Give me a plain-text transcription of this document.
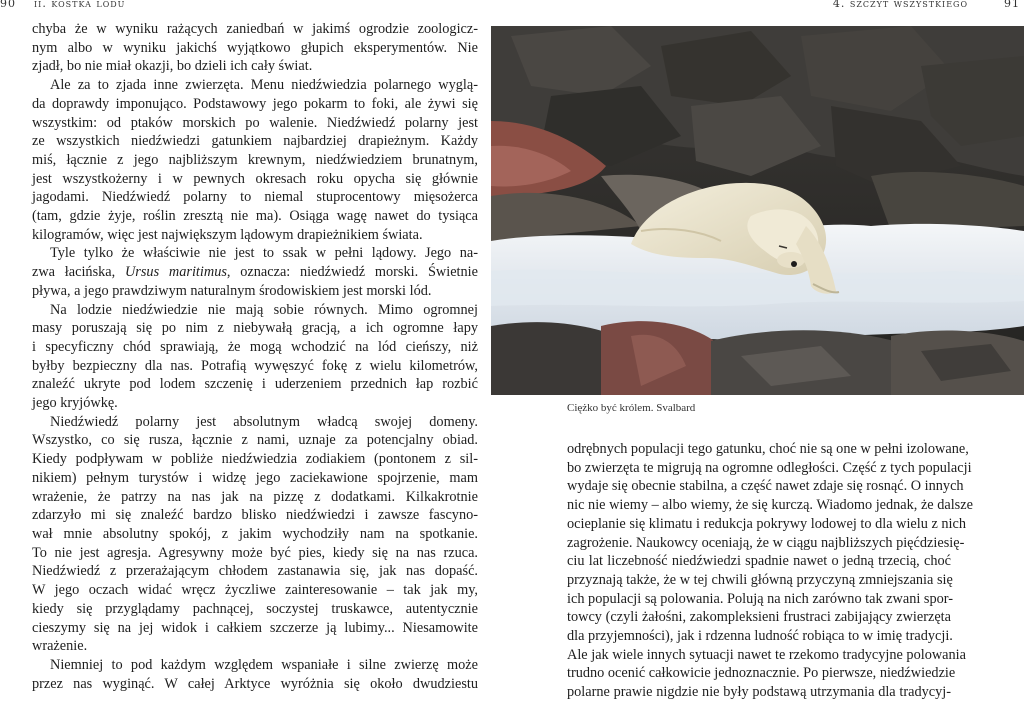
90 ii. kostka lodu
chyba że w wyniku rażących zaniedbań w jakimś ogrodzie zoologicz-
nym albo w wyniku jakichś wyjątkowo głupich eksperymentów. Nie
zjadł, bo nie miał okazji, bo dzieli ich cały świat.
Ale za to zjada inne zwierzęta. Menu niedźwiedzia polarnego wyglą-
da doprawdy imponująco. Podstawowy jego pokarm to foki, ale żywi się
wszystkim: od ptaków morskich po walenie. Niedźwiedź polarny jest
ze wszystkich niedźwiedzi gatunkiem najbardziej drapieżnym. Każdy
miś, łącznie z jego najbliższym krewnym, niedźwiedziem brunatnym,
jest wszystkożerny i w pewnych okresach roku opycha się głównie
jagodami. Niedźwiedź polarny to niemal stuprocentowy mięsożerca
(tam, gdzie żyje, roślin zresztą nie ma). Osiąga wagę nawet do tysiąca
kilogramów, więc jest największym lądowym drapieżnikiem świata.
Tyle tylko że właściwie nie jest to ssak w pełni lądowy. Jego na-
zwa łacińska, Ursus maritimus, oznacza: niedźwiedź morski. Świetnie
pływa, a jego prawdziwym naturalnym środowiskiem jest morski lód.
Na lodzie niedźwiedzie nie mają sobie równych. Mimo ogromnej
masy poruszają się po nim z niebywałą gracją, a ich ogromne łapy
i specyficzny chód sprawiają, że mogą wchodzić na lód cieńszy, niż
byłby bezpieczny dla nas. Potrafią wywęszyć fokę z wielu kilometrów,
znaleźć ukryte pod lodem szczenię i uderzeniem przednich łap rozbić
jego kryjówkę.
Niedźwiedź polarny jest absolutnym władcą swojej domeny.
Wszystko, co się rusza, łącznie z nami, uznaje za potencjalny obiad.
Kiedy podpływam w pobliże niedźwiedzia zodiakiem (pontonem z sil-
nikiem) pełnym turystów i widzę jego zaciekawione spojrzenie, mam
wrażenie, że patrzy na nas jak na pizzę z dodatkami. Kilkakrotnie
zdarzyło mi się znaleźć bardzo blisko niedźwiedzi i zawsze fascyno-
wał mnie absolutny spokój, z jakim wychodziły nam na spotkanie.
To nie jest agresja. Agresywny może być pies, kiedy się na nas rzuca.
Niedźwiedź z przerażającym chłodem zastanawia się, jak nas dopaść.
W jego oczach widać wręcz życzliwe zainteresowanie – tak jak my,
kiedy się przyglądamy pachnącej, soczystej truskawce, autentycznie
cieszymy się na jej widok i całkiem szczerze ją lubimy... Niesamowite
wrażenie.
Niemniej to pod każdym względem wspaniałe i silne zwierzę może
przez nas wyginąć. W całej Arktyce wyróżnia się około dwudziestu
4. szczyt wszystkiego	91
Ciężko być królem. Svalbard
odrębnych populacji tego gatunku, choć nie są one w pełni izolowane,
bo zwierzęta te migrują na ogromne odległości. Część z tych populacji
wydaje się obecnie stabilna, a część nawet zdaje się rosnąć. O innych
nic nie wiemy – albo wiemy, że się kurczą. Wiadomo jednak, że dalsze
ocieplanie się klimatu i redukcja pokrywy lodowej to dla wielu z nich
zagrożenie. Naukowcy oceniają, że w ciągu najbliższych pięćdziesię-
ciu lat liczebność niedźwiedzi spadnie nawet o jedną trzecią, choć
przyznają także, że w tej chwili główną przyczyną zmniejszania się
ich populacji są polowania. Polują na nich zarówno tak zwani spor-
towcy (czyli żałośni, zakompleksieni frustraci zabijający zwierzęta
dla przyjemności), jak i rdzenna ludność robiąca to w imię tradycji.
Ale jak wiele innych sytuacji nawet te rzekomo tradycyjne polowania
trudno ocenić całkowicie jednoznacznie. Po pierwsze, niedźwiedzie
polarne prawie nigdzie nie były podstawą utrzymania dla tradycyj-
